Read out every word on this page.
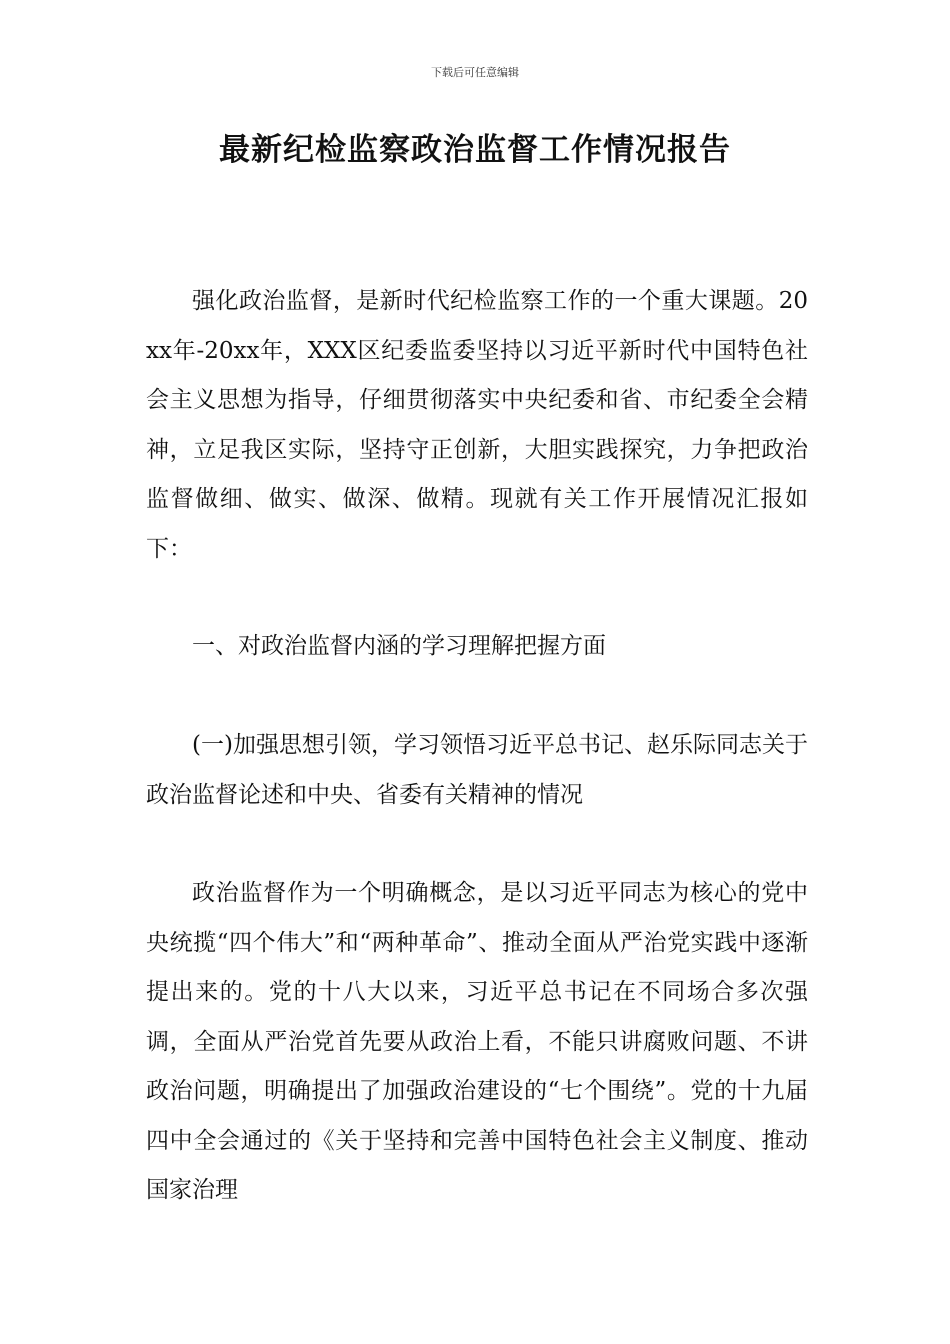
下载后可任意编辑
最新纪检监察政治监督工作情况报告

强化政治监督，是新时代纪检监察工作的一个重大课题。20xx年-20xx年，XXX区纪委监委坚持以习近平新时代中国特色社会主义思想为指导，仔细贯彻落实中央纪委和省、市纪委全会精神，立足我区实际，坚持守正创新，大胆实践探究，力争把政治监督做细、做实、做深、做精。现就有关工作开展情况汇报如下：

一、对政治监督内涵的学习理解把握方面

(一)加强思想引领，学习领悟习近平总书记、赵乐际同志关于政治监督论述和中央、省委有关精神的情况

政治监督作为一个明确概念，是以习近平同志为核心的党中央统揽“四个伟大”和“两种革命”、推动全面从严治党实践中逐渐提出来的。党的十八大以来，习近平总书记在不同场合多次强调，全面从严治党首先要从政治上看，不能只讲腐败问题、不讲政治问题，明确提出了加强政治建设的“七个围绕”。党的十九届四中全会通过的《关于坚持和完善中国特色社会主义制度、推动国家治理
